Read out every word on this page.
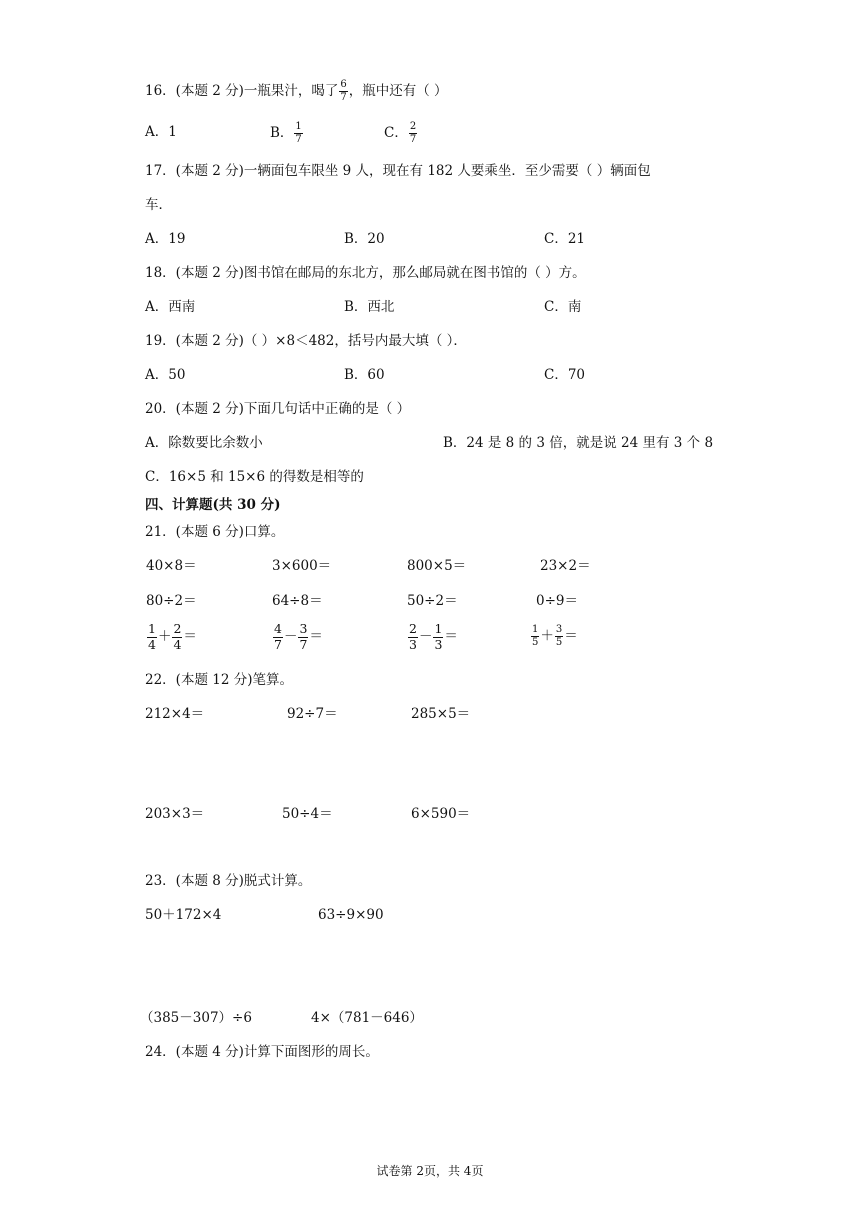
16．(本题 2 分)一瓶果汁，喝了 $\frac{6}{7}$ ，瓶中还有（ ）
A．1	B． $\frac{1}{7}$	C． $\frac{2}{7}$
17．(本题 2 分)一辆面包车限坐 9 人，现在有 182 人要乘坐．至少需要（ ）辆面包
车．
A．19	B．20	C．21
18．(本题 2 分)图书馆在邮局的东北方，那么邮局就在图书馆的（ ）方。
A．西南	B．西北	C．南
19．(本题 2 分)（ ）×8＜482，括号内最大填（ ）．
A．50	B．60	C．70
20．(本题 2 分)下面几句话中正确的是（ ）
A．除数要比余数小	B．24 是 8 的 3 倍，就是说 24 里有 3 个 8
C．16×5 和 15×6 的得数是相等的
四、计算题(共 30 分)
21．(本题 6 分)口算。
40×8＝	3×600＝	800×5＝	23×2＝
80÷2＝	64÷8＝	50÷2＝	0÷9＝
$\frac{1}{4} + \frac{2}{4}$ ＝	$\frac{4}{7} - \frac{3}{7}$ ＝	$\frac{2}{3} - \frac{1}{3}$ ＝	$\frac{1}{5} + \frac{3}{5}$ ＝
22．(本题 12 分)笔算。
212×4＝	92÷7＝	285×5＝
203×3＝	50÷4＝	6×590＝
23．(本题 8 分)脱式计算。
50＋172×4	63÷9×90
（385－307）÷6	4×（781－646）
24．(本题 4 分)计算下面图形的周长。
试卷第 2页，共 4页
